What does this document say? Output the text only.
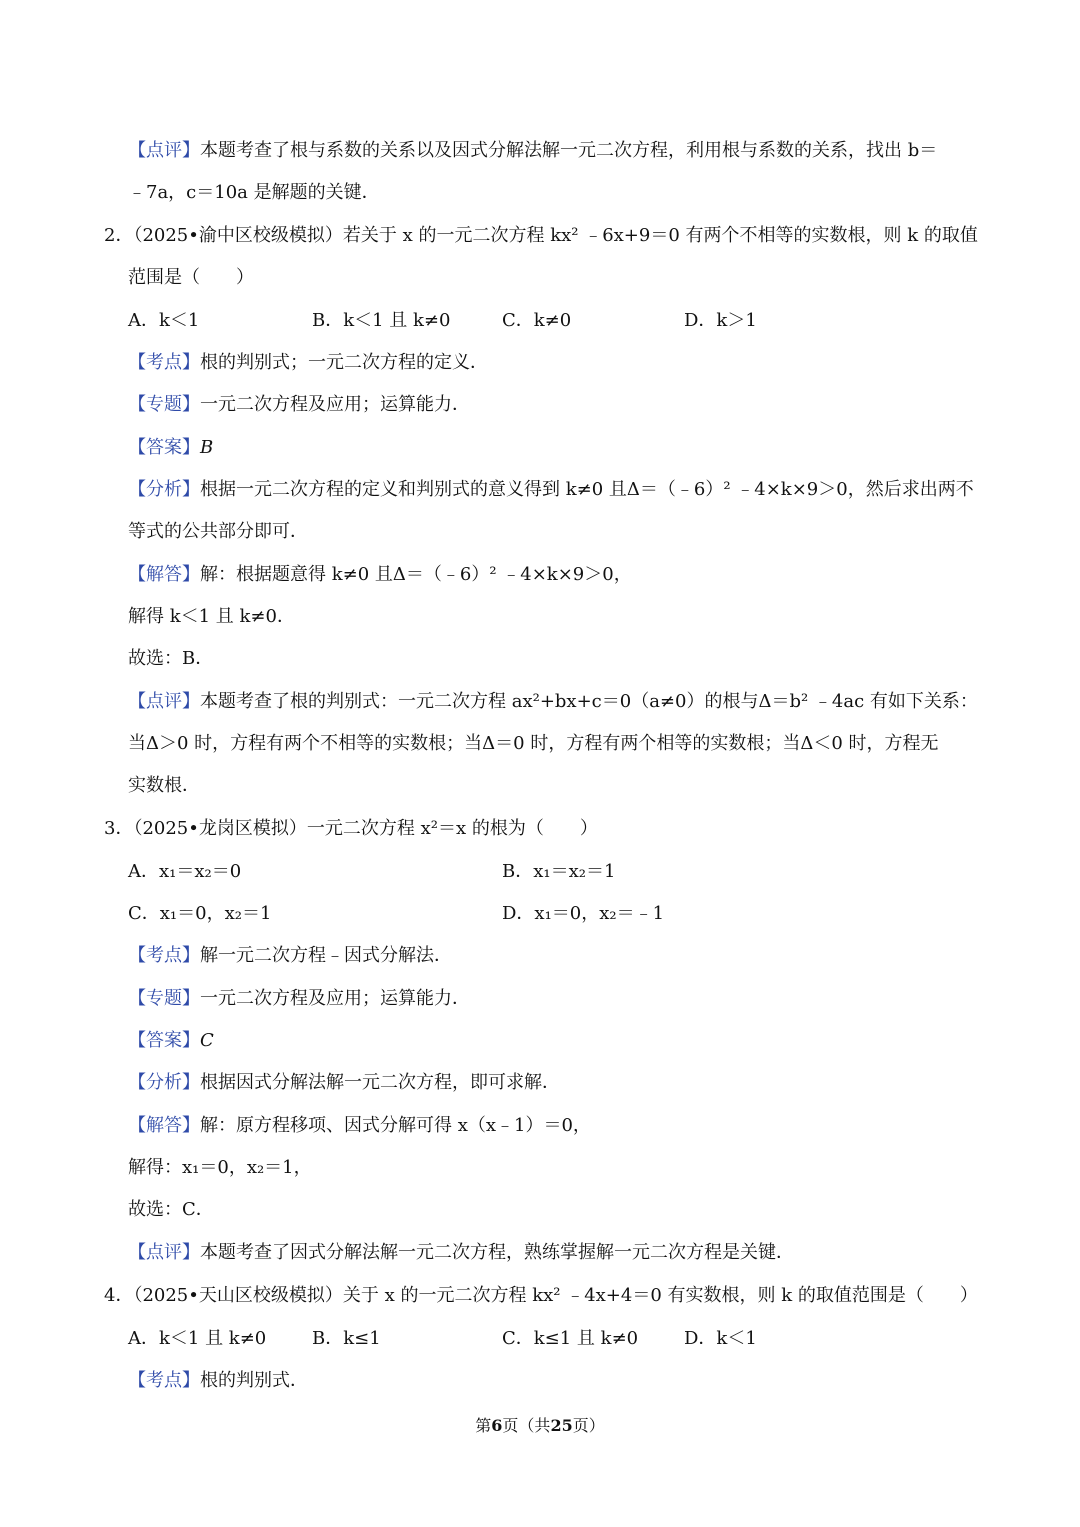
【点评】本题考查了根与系数的关系以及因式分解法解一元二次方程，利用根与系数的关系，找出 b＝
﹣7a，c＝10a 是解题的关键．
2．（2025•渝中区校级模拟）若关于 x 的一元二次方程 kx² ﹣6x+9＝0 有两个不相等的实数根，则 k 的取值
范围是（　　）
A．k＜1	B．k＜1 且 k≠0	C．k≠0	D．k＞1
【考点】根的判别式；一元二次方程的定义．
【专题】一元二次方程及应用；运算能力．
【答案】B
【分析】根据一元二次方程的定义和判别式的意义得到 k≠0 且Δ＝（﹣6）² ﹣4×k×9＞0，然后求出两不
等式的公共部分即可．
【解答】解：根据题意得 k≠0 且Δ＝（﹣6）² ﹣4×k×9＞0，
解得 k＜1 且 k≠0．
故选：B．
【点评】本题考查了根的判别式：一元二次方程 ax²+bx+c＝0（a≠0）的根与Δ＝b² ﹣4ac 有如下关系：
当Δ＞0 时，方程有两个不相等的实数根；当Δ＝0 时，方程有两个相等的实数根；当Δ＜0 时，方程无
实数根．
3．（2025•龙岗区模拟）一元二次方程 x²＝x 的根为（　　）
A．x₁＝x₂＝0	B．x₁＝x₂＝1
C．x₁＝0，x₂＝1	D．x₁＝0，x₂＝﹣1
【考点】解一元二次方程﹣因式分解法．
【专题】一元二次方程及应用；运算能力．
【答案】C
【分析】根据因式分解法解一元二次方程，即可求解．
【解答】解：原方程移项、因式分解可得 x（x﹣1）＝0，
解得：x₁＝0，x₂＝1，
故选：C．
【点评】本题考查了因式分解法解一元二次方程，熟练掌握解一元二次方程是关键．
4．（2025•天山区校级模拟）关于 x 的一元二次方程 kx² ﹣4x+4＝0 有实数根，则 k 的取值范围是（　　）
A．k＜1 且 k≠0	B．k≤1	C．k≤1 且 k≠0	D．k＜1
【考点】根的判别式．
第6页（共25页）
